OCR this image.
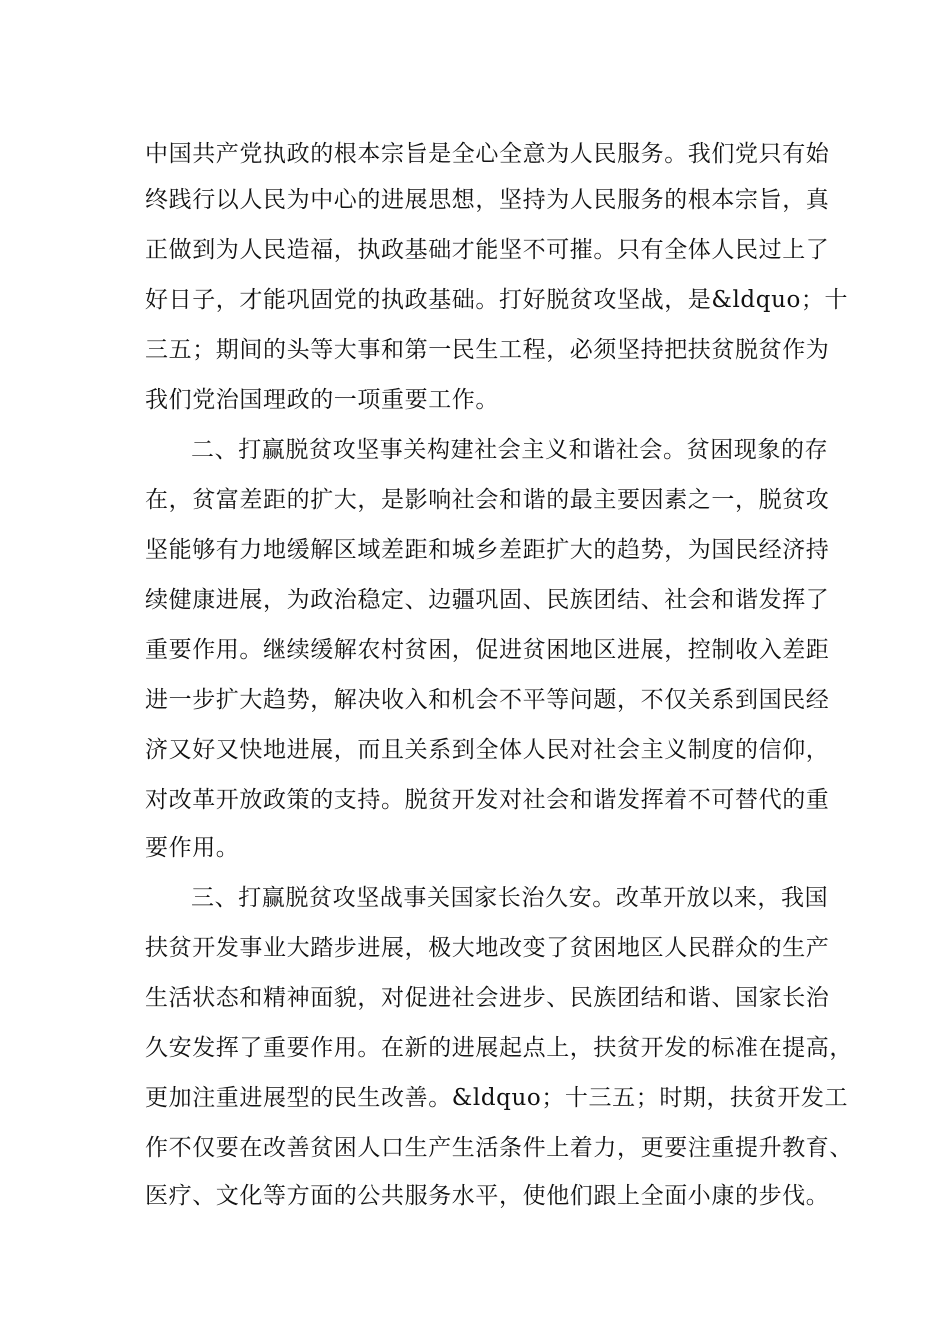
中国共产党执政的根本宗旨是全心全意为人民服务。我们党只有始
终践行以人民为中心的进展思想，坚持为人民服务的根本宗旨，真
正做到为人民造福，执政基础才能坚不可摧。只有全体人民过上了
好日子，才能巩固党的执政基础。打好脱贫攻坚战，是&ldquo；十
三五；期间的头等大事和第一民生工程，必须坚持把扶贫脱贫作为
我们党治国理政的一项重要工作。
二、打赢脱贫攻坚事关构建社会主义和谐社会。贫困现象的存
在，贫富差距的扩大，是影响社会和谐的最主要因素之一，脱贫攻
坚能够有力地缓解区域差距和城乡差距扩大的趋势，为国民经济持
续健康进展，为政治稳定、边疆巩固、民族团结、社会和谐发挥了
重要作用。继续缓解农村贫困，促进贫困地区进展，控制收入差距
进一步扩大趋势，解决收入和机会不平等问题，不仅关系到国民经
济又好又快地进展，而且关系到全体人民对社会主义制度的信仰，
对改革开放政策的支持。脱贫开发对社会和谐发挥着不可替代的重
要作用。
三、打赢脱贫攻坚战事关国家长治久安。改革开放以来，我国
扶贫开发事业大踏步进展，极大地改变了贫困地区人民群众的生产
生活状态和精神面貌，对促进社会进步、民族团结和谐、国家长治
久安发挥了重要作用。在新的进展起点上，扶贫开发的标准在提高，
更加注重进展型的民生改善。&ldquo；十三五；时期，扶贫开发工
作不仅要在改善贫困人口生产生活条件上着力，更要注重提升教育、
医疗、文化等方面的公共服务水平，使他们跟上全面小康的步伐。
